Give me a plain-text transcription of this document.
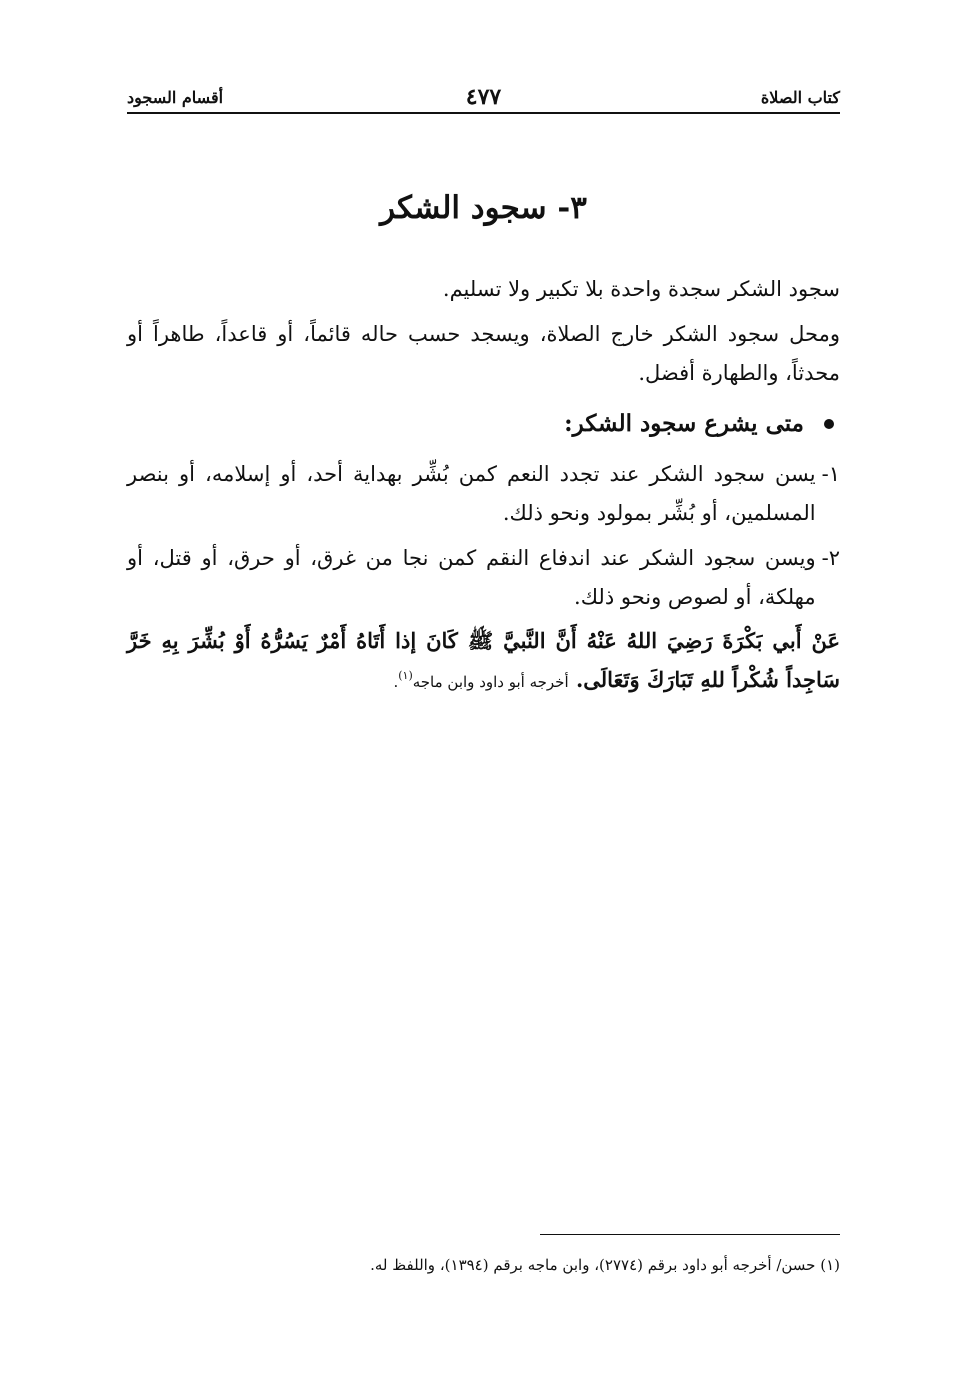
كتاب الصلاة
٤٧٧
أقسام السجود
٣- سجود الشكر

سجود الشكر سجدة واحدة بلا تكبير ولا تسليم.

ومحل سجود الشكر خارج الصلاة، ويسجد حسب حاله قائماً، أو قاعداً، طاهراً أو محدثاً، والطهارة أفضل.

متى يشرع سجود الشكر:
١-
يسن سجود الشكر عند تجدد النعم كمن بُشِّر بهداية أحد، أو إسلامه، أو بنصر المسلمين، أو بُشِّر بمولود ونحو ذلك.
٢-
ويسن سجود الشكر عند اندفاع النقم كمن نجا من غرق، أو حرق، أو قتل، أو مهلكة، أو لصوص ونحو ذلك.

عَنْ أَبي بَكْرَةَ رَضِيَ اللهُ عَنْهُ أَنَّ النَّبيَّ ﷺ كَانَ إذا أَتَاهُ أَمْرٌ يَسُرُّهُ أَوْ بُشِّرَ بِهِ خَرَّ سَاجِداً شُكْراً للهِ تَبَارَكَ وَتَعَالَى. أخرجه أبو داود وابن ماجه$^{(١)}$.

(١) حسن/ أخرجه أبو داود برقم (٢٧٧٤)، وابن ماجه برقم (١٣٩٤)، واللفظ له.
